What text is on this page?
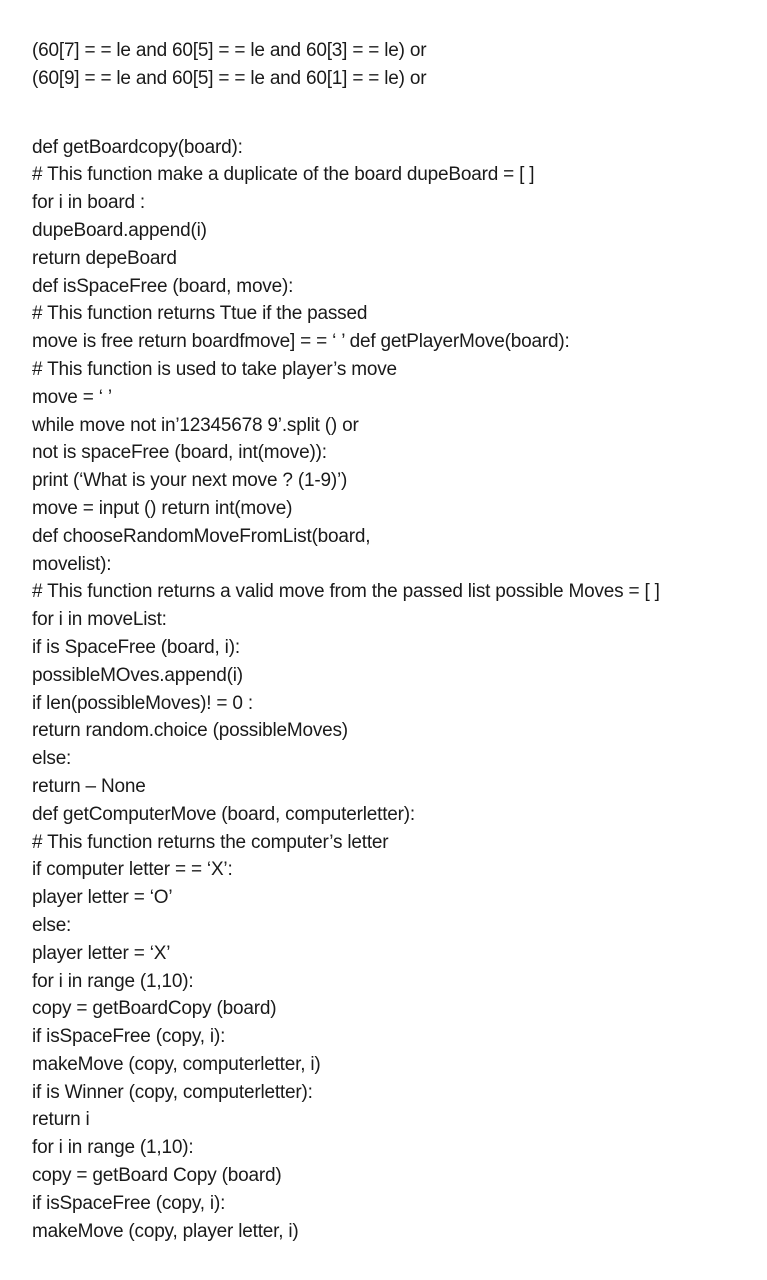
(60[7] = = le and 60[5] = = le and 60[3] = = le) or
(60[9] = = le and 60[5] = = le and 60[1] = = le) or
def getBoardcopy(board):
# This function make a duplicate of the board dupeBoard = [ ]
for i in board :
dupeBoard.append(i)
return depeBoard
def isSpaceFree (board, move):
# This function returns Ttue if the passed
move is free return boardfmove] = = ‘ ’ def getPlayerMove(board):
# This function is used to take player’s move
move = ‘ ’
while move not in’12345678 9’.split () or
not is spaceFree (board, int(move)):
print (‘What is your next move ? (1-9)’)
move = input () return int(move)
def chooseRandomMoveFromList(board,
movelist):
# This function returns a valid move from the passed list possible Moves = [ ]
for i in moveList:
if is SpaceFree (board, i):
possibleMOves.append(i)
if len(possibleMoves)! = 0 :
return random.choice (possibleMoves)
else:
return – None
def getComputerMove (board, computerletter):
# This function returns the computer’s letter
if computer letter = = ‘X’:
player letter = ‘O’
else:
player letter = ‘X’
for i in range (1,10):
copy = getBoardCopy (board)
if isSpaceFree (copy, i):
makeMove (copy, computerletter, i)
if is Winner (copy, computerletter):
return i
for i in range (1,10):
copy = getBoard Copy (board)
if isSpaceFree (copy, i):
makeMove (copy, player letter, i)
